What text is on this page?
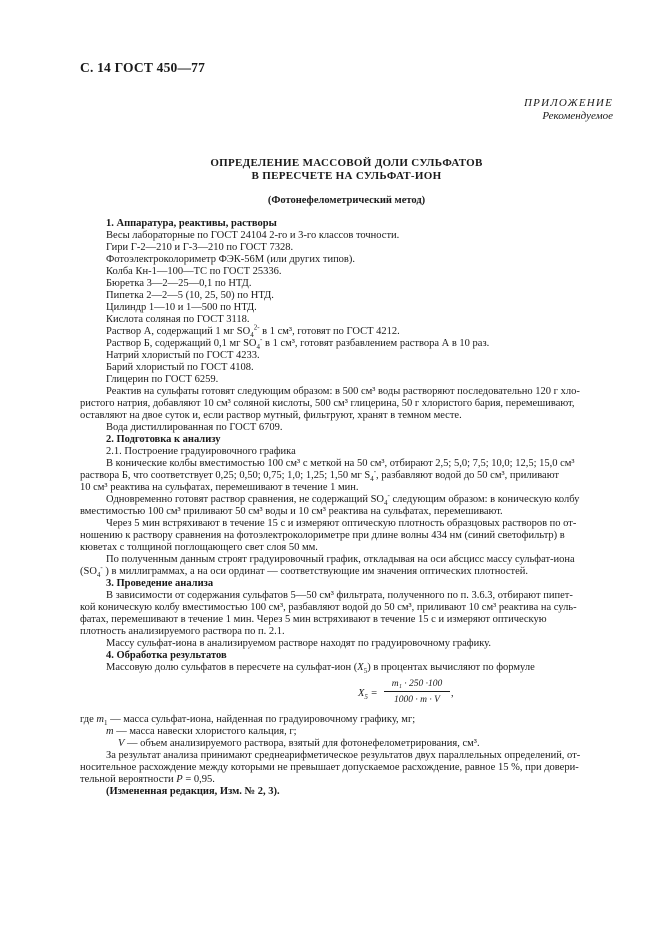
С. 14 ГОСТ 450—77
ПРИЛОЖЕНИЕ
Рекомендуемое
ОПРЕДЕЛЕНИЕ МАССОВОЙ ДОЛИ СУЛЬФАТОВ
В ПЕРЕСЧЕТЕ НА СУЛЬФАТ-ИОН
(Фотонефелометрический метод)

1. Аппаратура, реактивы, растворы

Весы лабораторные по ГОСТ 24104 2-го и 3-го классов точности.

Гири Г-2—210 и Г-3—210 по ГОСТ 7328.

Фотоэлектроколориметр ФЭК-56М (или других типов).

Колба Кн-1—100—ТС по ГОСТ 25336.

Бюретка 3—2—25—0,1 по НТД.

Пипетка 2—2—5 (10, 25, 50) по НТД.

Цилиндр 1—10 и 1—500 по НТД.

Кислота соляная по ГОСТ 3118.

Раствор А, содержащий 1 мг $SO_4^{2-}$ в 1 см³, готовят по ГОСТ 4212.

Раствор Б, содержащий 0,1 мг $SO_4^-$ в 1 см³, готовят разбавлением раствора А в 10 раз.

Натрий хлористый по ГОСТ 4233.

Барий хлористый по ГОСТ 4108.

Глицерин по ГОСТ 6259.

Реактив на сульфаты готовят следующим образом: в 500 см³ воды растворяют последовательно 120 г хло-

ристого натрия, добавляют 10 см³ соляной кислоты, 500 см³ глицерина, 50 г хлористого бария, перемешивают,

оставляют на двое суток и, если раствор мутный, фильтруют, хранят в темном месте.

Вода дистиллированная по ГОСТ 6709.

2. Подготовка к анализу

2.1. Построение градуировочного графика

В конические колбы вместимостью 100 см³ с меткой на 50 см³, отбирают 2,5; 5,0; 7,5; 10,0; 12,5; 15,0 см³

раствора Б, что соответствует 0,25; 0,50; 0,75; 1,0; 1,25; 1,50 мг $S_4^-$, разбавляют водой до 50 см³, приливают

10 см³ реактива на сульфатах, перемешивают в течение 1 мин.

Одновременно готовят раствор сравнения, не содержащий $SO_4^-$ следующим образом: в коническую колбу

вместимостью 100 см³ приливают 50 см³ воды и 10 см³ реактива на сульфатах, перемешивают.

Через 5 мин встряхивают в течение 15 с и измеряют оптическую плотность образцовых растворов по от-

ношению к раствору сравнения на фотоэлектроколориметре при длине волны 434 нм (синий светофильтр) в

кюветах с толщиной поглощающего свет слоя 50 мм.

По полученным данным строят градуировочный график, откладывая на оси абсцисс массу сульфат-иона

($SO_4^-$ ) в миллиграммах, а на оси ординат — соответствующие им значения оптических плотностей.

3. Проведение анализа

В зависимости от содержания сульфатов 5—50 см³ фильтрата, полученного по п. 3.6.3, отбирают пипет-

кой коническую колбу вместимостью 100 см³, разбавляют водой до 50 см³, приливают 10 см³ реактива на суль-

фатах, перемешивают в течение 1 мин. Через 5 мин встряхивают в течение 15 с и измеряют оптическую

плотность анализируемого раствора по п. 2.1.

Массу сульфат-иона в анализируемом растворе находят по градуировочному графику.

4. Обработка результатов

Массовую долю сульфатов в пересчете на сульфат-ион $(X_5)$ в процентах вычисляют по формуле

$X_5 = \frac{\text{m₁ · 250 ·100}}{1000 \cdot m \cdot V}$ ,

где $m_1$ — масса сульфат-иона, найденная по градуировочному графику, мг;

m — масса навески хлористого кальция, г;

V — объем анализируемого раствора, взятый для фотонефелометрирования, см³.

За результат анализа принимают среднеарифметическое результатов двух параллельных определений, от-

носительное расхождение между которыми не превышает допускаемое расхождение, равное 15 %, при довери-

тельной вероятности P = 0,95.

(Измененная редакция, Изм. № 2, 3).
